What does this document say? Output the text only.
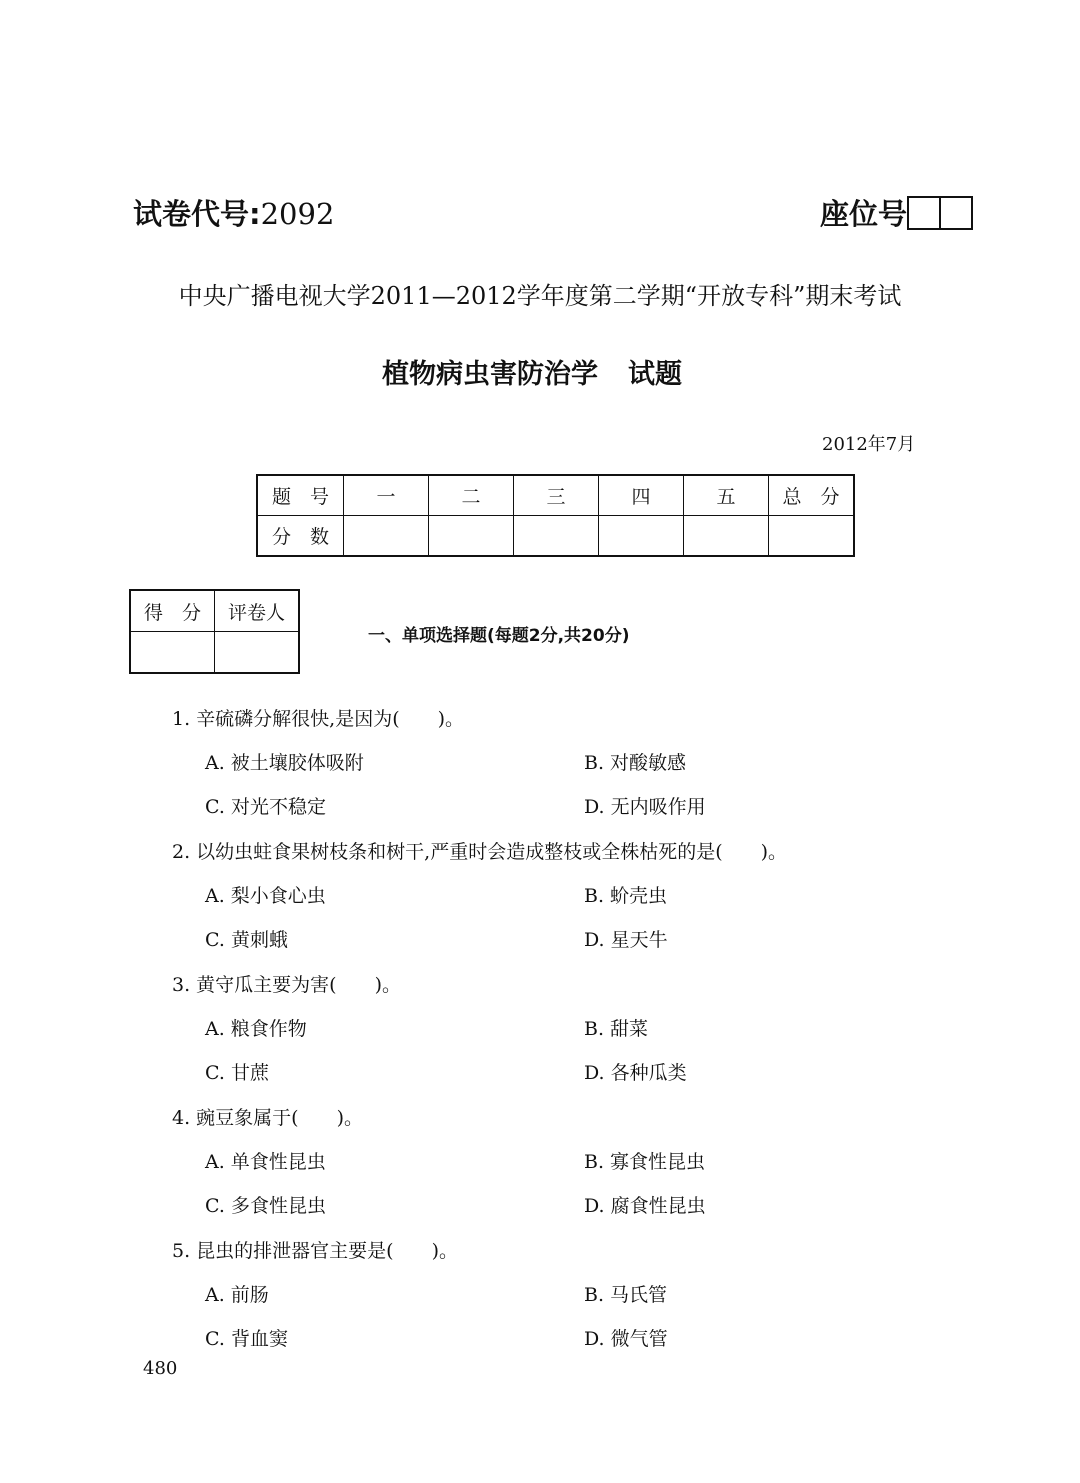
试卷代号:2092	座位号
中央广播电视大学2011—2012学年度第二学期“开放专科”期末考试
植物病虫害防治学 试题
2012年7月
题　号	一	二	三	四	五	总　分
分　数						
得　分	评卷人

一、单项选择题(每题2分,共20分)
1. 辛硫磷分解很快,是因为(　　)。
A. 被土壤胶体吸附	B. 对酸敏感
C. 对光不稳定	D. 无内吸作用
2. 以幼虫蛀食果树枝条和树干,严重时会造成整枝或全株枯死的是(　　)。
A. 梨小食心虫	B. 蚧壳虫
C. 黄刺蛾	D. 星天牛
3. 黄守瓜主要为害(　　)。
A. 粮食作物	B. 甜菜
C. 甘蔗	D. 各种瓜类
4. 豌豆象属于(　　)。
A. 单食性昆虫	B. 寡食性昆虫
C. 多食性昆虫	D. 腐食性昆虫
5. 昆虫的排泄器官主要是(　　)。
A. 前肠	B. 马氏管
C. 背血窦	D. 微气管
480
